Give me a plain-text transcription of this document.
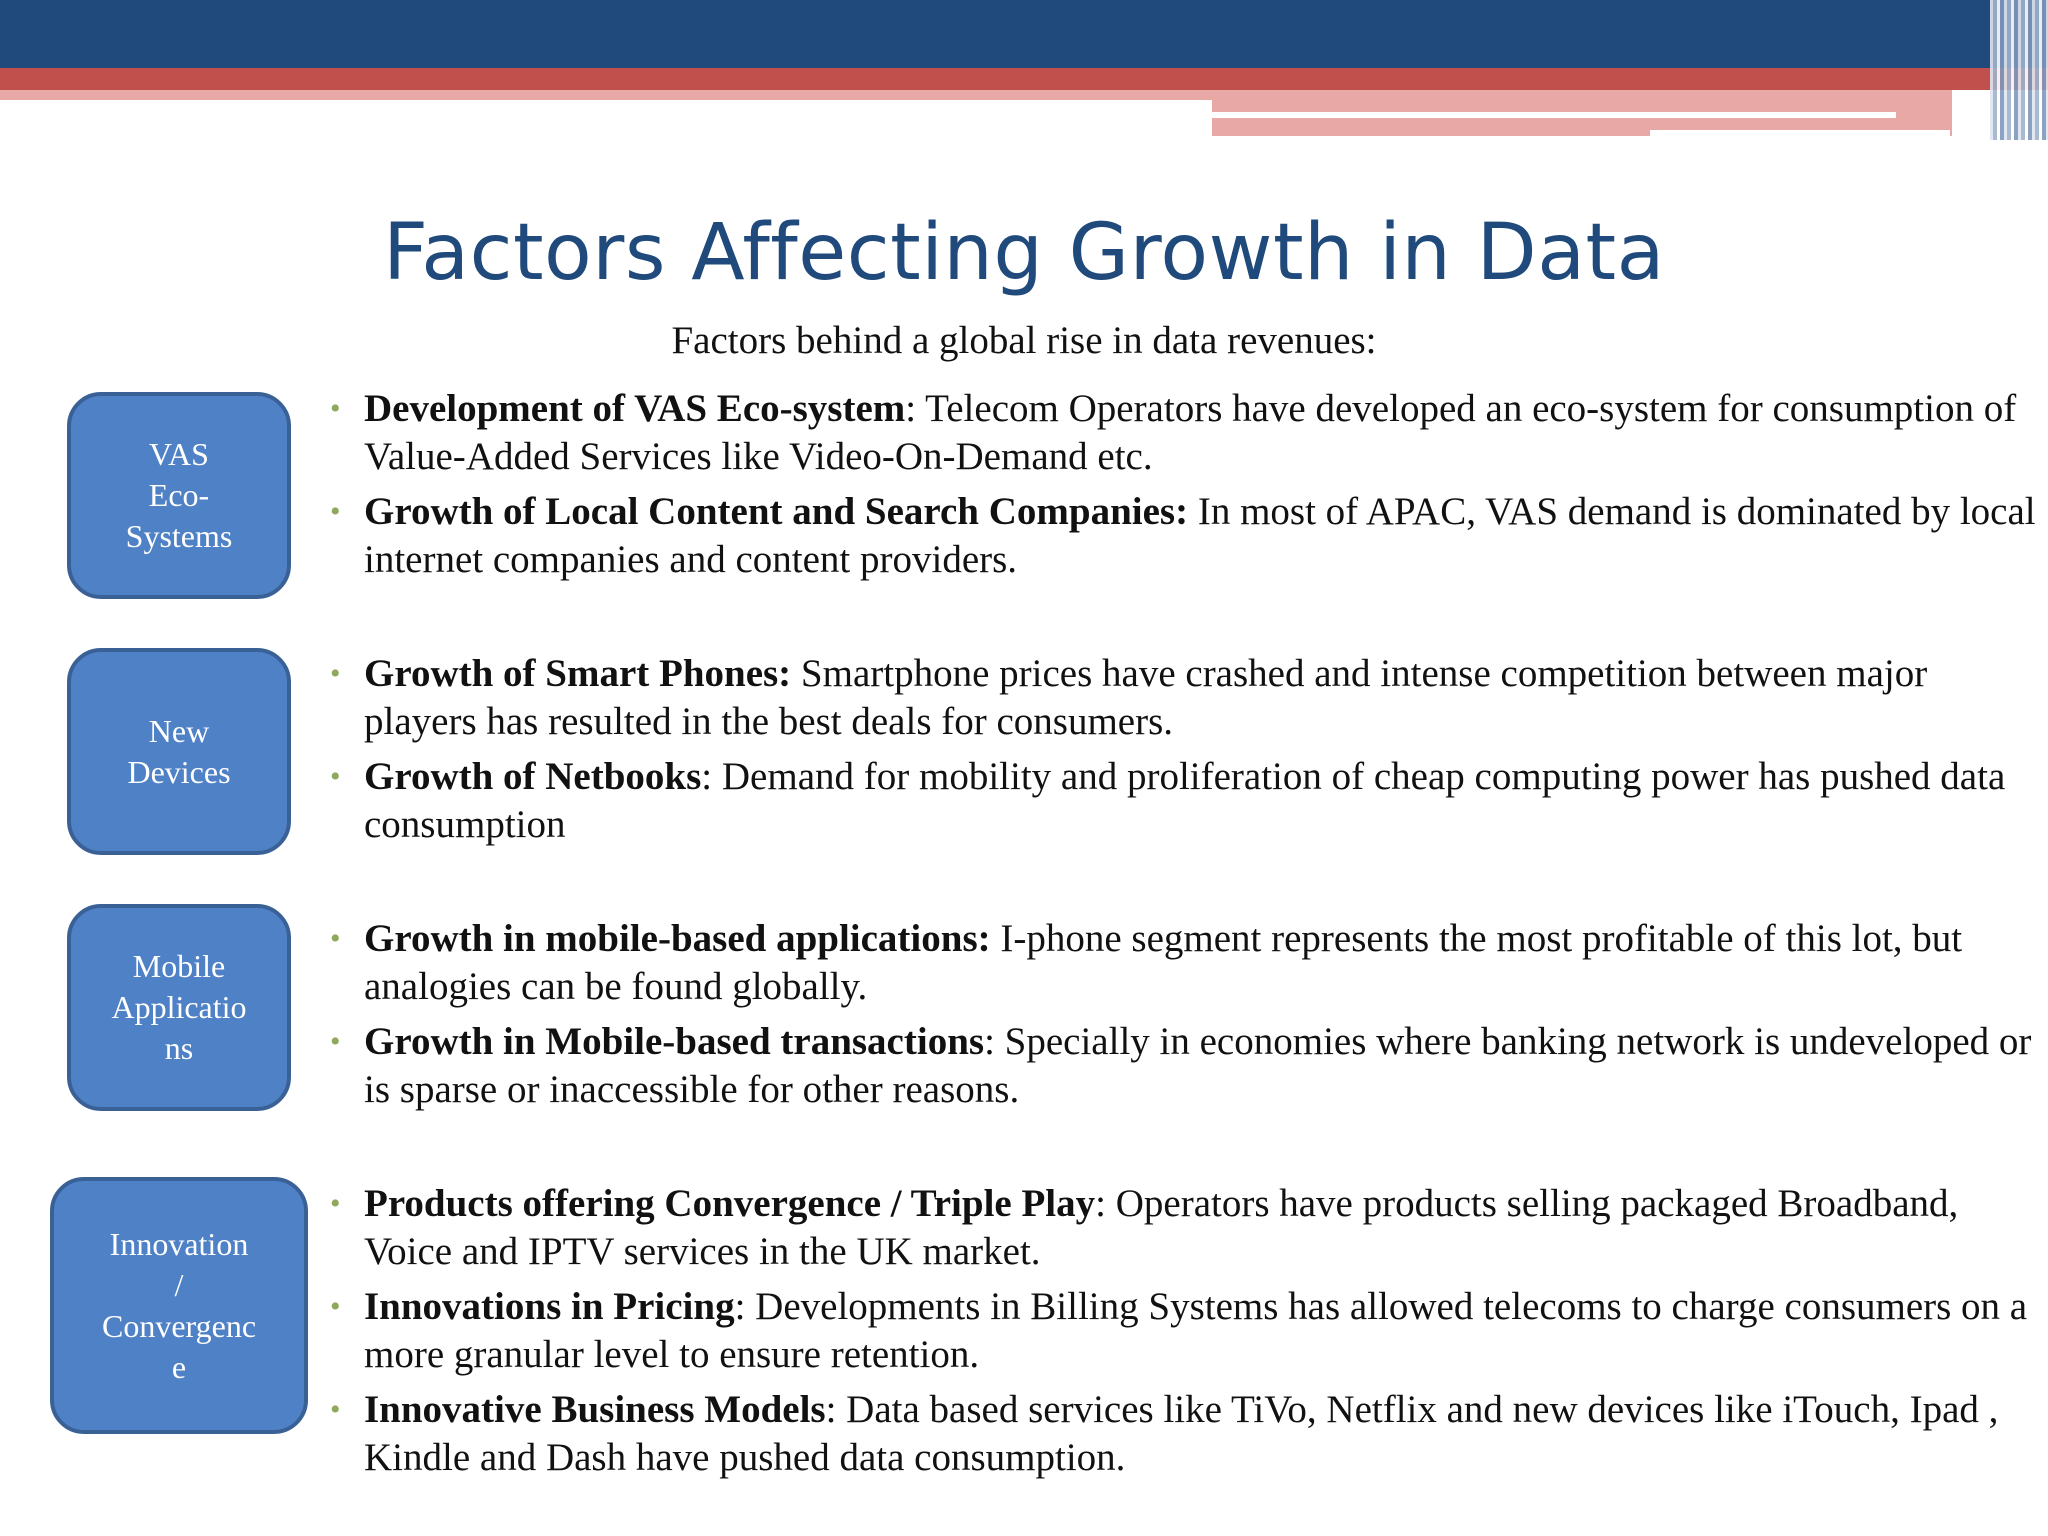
Factors Affecting Growth in Data
Factors behind a global rise in data revenues:
VAS
Eco-
Systems
• Development of VAS Eco-system: Telecom Operators have developed an eco-system for consumption of Value-Added Services like Video-On-Demand etc.
• Growth of Local Content and Search Companies: In most of APAC, VAS demand is dominated by local internet companies and content providers.
New
Devices
• Growth of Smart Phones: Smartphone prices have crashed and intense competition between major players has resulted in the best deals for consumers.
• Growth of Netbooks: Demand for mobility and proliferation of cheap computing power has pushed data consumption
Mobile
Applicatio
ns
• Growth in mobile-based applications: I-phone segment represents the most profitable of this lot, but analogies can be found globally.
• Growth in Mobile-based transactions: Specially in economies where banking network is undeveloped or is sparse or inaccessible for other reasons.
Innovation
/
Convergenc
e
• Products offering Convergence / Triple Play: Operators have products selling packaged Broadband, Voice and IPTV services in the UK market.
• Innovations in Pricing: Developments in Billing Systems has allowed telecoms to charge consumers on a more granular level to ensure retention.
• Innovative Business Models: Data based services like TiVo, Netflix and new devices like iTouch, Ipad , Kindle and Dash have pushed data consumption.
